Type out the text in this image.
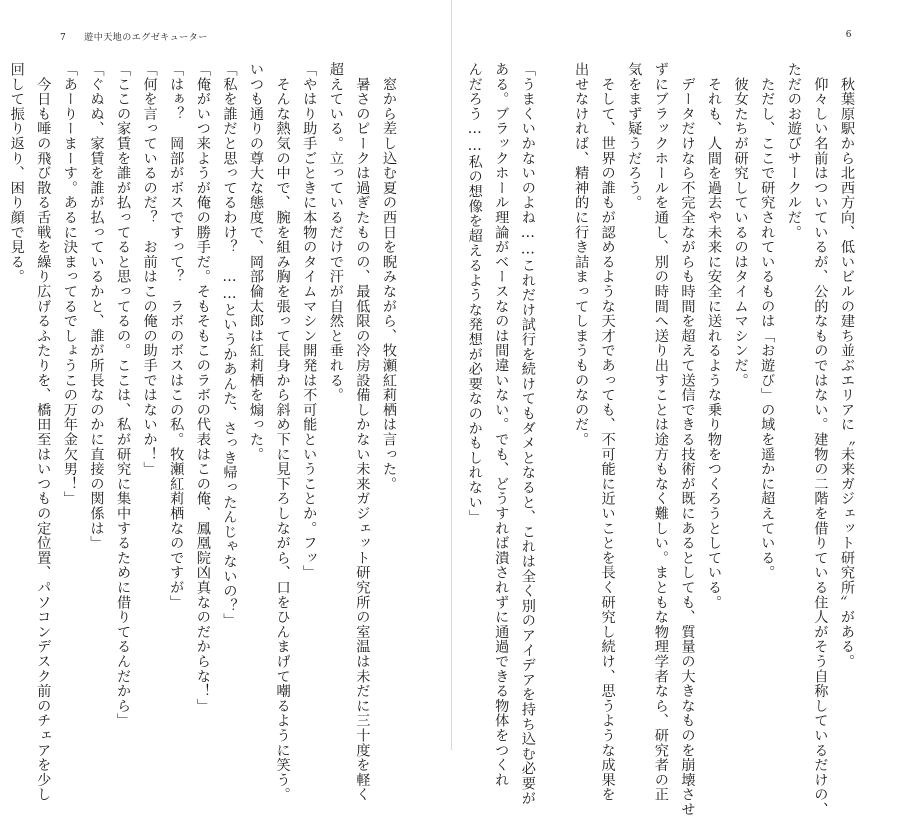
7 遊中天地のエグゼキューター

　窓から差し込む夏の西日を睨みながら、牧瀬紅莉栖は言った。

　暑さのピークは過ぎたものの、最低限の冷房設備しかない未来ガジェット研究所の室温は未だに三十度を軽く

超えている。立っているだけで汗が自然と垂れる。

「やはり助手ごときに本物のタイムマシン開発は不可能ということか。フッ」

　そんな熱気の中で、腕を組み胸を張って長身から斜め下に見下ろしながら、口をひんまげて嘲るように笑う。

いつも通りの尊大な態度で、岡部倫太郎は紅莉栖を煽った。

「私を誰だと思ってるわけ？　……というかあんた、さっき帰ったんじゃないの？」

「俺がいつ来ようが俺の勝手だ。そもそもこのラボの代表はこの俺、鳳凰院凶真なのだからな！」

「はぁ？　岡部がボスですって？　ラボのボスはこの私。牧瀬紅莉栖なのですが」

「何を言っているのだ？　お前はこの俺の助手ではないか！」

「ここの家賃を誰が払ってると思ってるの。ここは、私が研究に集中するために借りてるんだから」

「ぐぬぬ、家賃を誰が払っているかと、誰が所長なのかに直接の関係は」

「あーりーまーす。あるに決まってるでしょうこの万年金欠男！」

　今日も唾の飛び散る舌戦を繰り広げるふたりを、橋田至はいつもの定位置、パソコンデスク前のチェアを少し

回して振り返り、困り顔で見る。

6

　秋葉原駅から北西方向、低いビルの建ち並ぶエリアに〝未来ガジェット研究所〟がある。

　仰々しい名前はついているが、公的なものではない。建物の二階を借りている住人がそう自称しているだけの、

ただのお遊びサークルだ。

　ただし、ここで研究されているものは「お遊び」の域を遥かに超えている。

　彼女たちが研究しているのはタイムマシンだ。

　それも、人間を過去や未来に安全に送れるような乗り物をつくろうとしている。

　データだけなら不完全ながらも時間を超えて送信できる技術が既にあるとしても、質量の大きなものを崩壊させ

ずにブラックホールを通し、別の時間へ送り出すことは途方もなく難しい。まともな物理学者なら、研究者の正

気をまず疑うだろう。

　そして、世界の誰もが認めるような天才であっても、不可能に近いことを長く研究し続け、思うような成果を

出せなければ、精神的に行き詰まってしまうものなのだ。

「うまくいかないのよね……これだけ試行を続けてもダメとなると、これは全く別のアイデアを持ち込む必要が

ある。ブラックホール理論がベースなのは間違いない。でも、どうすれば潰されずに通過できる物体をつくれ

んだろう……私の想像を超えるような発想が必要なのかもしれない」
